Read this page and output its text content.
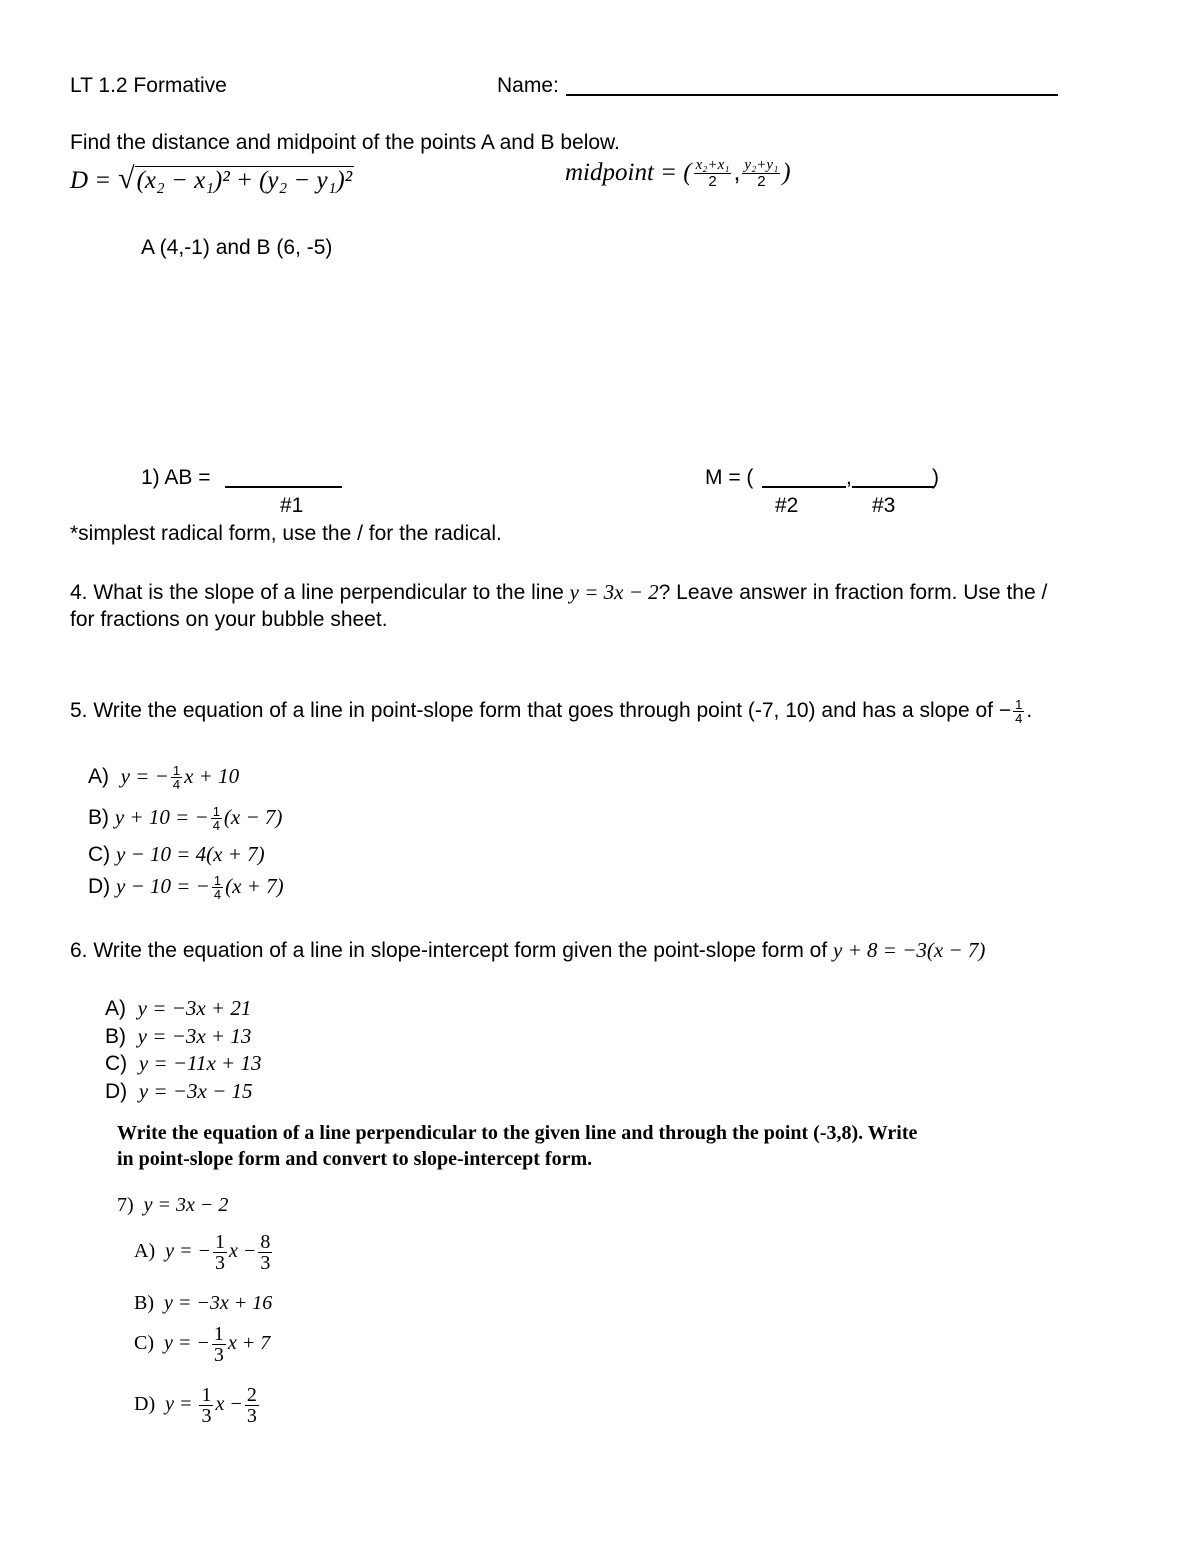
LT 1.2 Formative	Name:
Find the distance and midpoint of the points A and B below.
D = √(x₂ − x₁)² + (y₂ − y₁)²	midpoint = ( $\frac{\text{x₂+x₁}}{2}$ , $\frac{\text{y₂+y₁}}{2}$ )
A (4,-1) and B (6, -5)
1) AB =
#1
M = (	,	)
#2	#3
*simplest radical form, use the / for the radical.
4. What is the slope of a line perpendicular to the line y = 3x − 2? Leave answer in fraction form. Use the /
for fractions on your bubble sheet.
5. Write the equation of a line in point-slope form that goes through point (-7, 10) and has a slope of − $\frac{1}{4}$ .
A) y = − $\frac{1}{4}$ x + 10
B) y + 10 = − $\frac{1}{4} (x - 7)$
C) y − 10 = 4(x + 7)
D) y − 10 = − $\frac{1}{4} (x + 7)$
6. Write the equation of a line in slope-intercept form given the point-slope form of y + 8 = −3(x − 7)
A) y = −3x + 21
B) y = −3x + 13
C) y = −11x + 13
D) y = −3x − 15
Write the equation of a line perpendicular to the given line and through the point (-3,8). Write
in point-slope form and convert to slope-intercept form.
7) y = 3x − 2
A) y = − $\frac{1}{3}$ $x - \frac{8}{3}$
B) y = −3x + 16
C) y = − $\frac{1}{3}$ x + 7
D) $y = \frac{1}{3}$ $x - \frac{2}{3}$
